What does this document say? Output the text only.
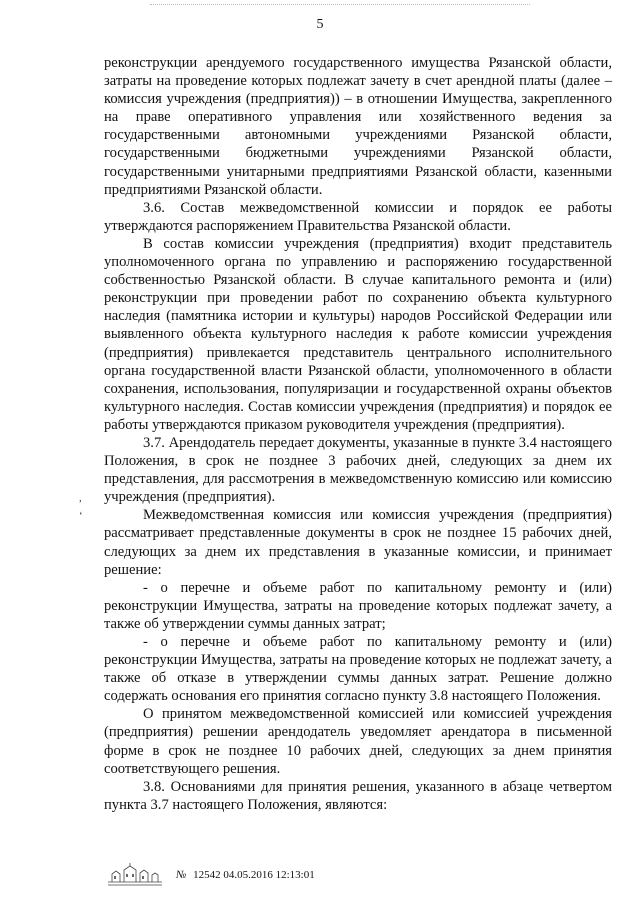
5

реконструкции арендуемого государственного имущества Рязанской области, затраты на проведение которых подлежат зачету в счет арендной платы (далее – комиссия учреждения (предприятия)) – в отношении Имущества, закрепленного на праве оперативного управления или хозяйственного ведения за государственными автономными учреждениями Рязанской области, государственными бюджетными учреждениями Рязанской области, государственными унитарными предприятиями Рязанской области, казенными предприятиями Рязанской области.

3.6. Состав межведомственной комиссии и порядок ее работы утверждаются распоряжением Правительства Рязанской области.

В состав комиссии учреждения (предприятия) входит представитель уполномоченного органа по управлению и распоряжению государственной собственностью Рязанской области. В случае капитального ремонта и (или) реконструкции при проведении работ по сохранению объекта культурного наследия (памятника истории и культуры) народов Российской Федерации или выявленного объекта культурного наследия к работе комиссии учреждения (предприятия) привлекается представитель центрального исполнительного органа государственной власти Рязанской области, уполномоченного в области сохранения, использования, популяризации и государственной охраны объектов культурного наследия. Состав комиссии учреждения (предприятия) и порядок ее работы утверждаются приказом руководителя учреждения (предприятия).

3.7. Арендодатель передает документы, указанные в пункте 3.4 настоящего Положения, в срок не позднее 3 рабочих дней, следующих за днем их представления, для рассмотрения в межведомственную комиссию или комиссию учреждения (предприятия).

Межведомственная комиссия или комиссия учреждения (предприятия) рассматривает представленные документы в срок не позднее 15 рабочих дней, следующих за днем их представления в указанные комиссии, и принимает решение:

- о перечне и объеме работ по капитальному ремонту и (или) реконструкции Имущества, затраты на проведение которых подлежат зачету, а также об утверждении суммы данных затрат;

- о перечне и объеме работ по капитальному ремонту и (или) реконструкции Имущества, затраты на проведение которых не подлежат зачету, а также об отказе в утверждении суммы данных затрат. Решение должно содержать основания его принятия согласно пункту 3.8 настоящего Положения.

О принятом межведомственной комиссией или комиссией учреждения (предприятия) решении арендодатель уведомляет арендатора в письменной форме в срок не позднее 10 рабочих дней, следующих за днем принятия соответствующего решения.

3.8. Основаниями для принятия решения, указанного в абзаце четвертом пункта 3.7 настоящего Положения, являются:

,
‘
№ 12542 04.05.2016 12:13:01
